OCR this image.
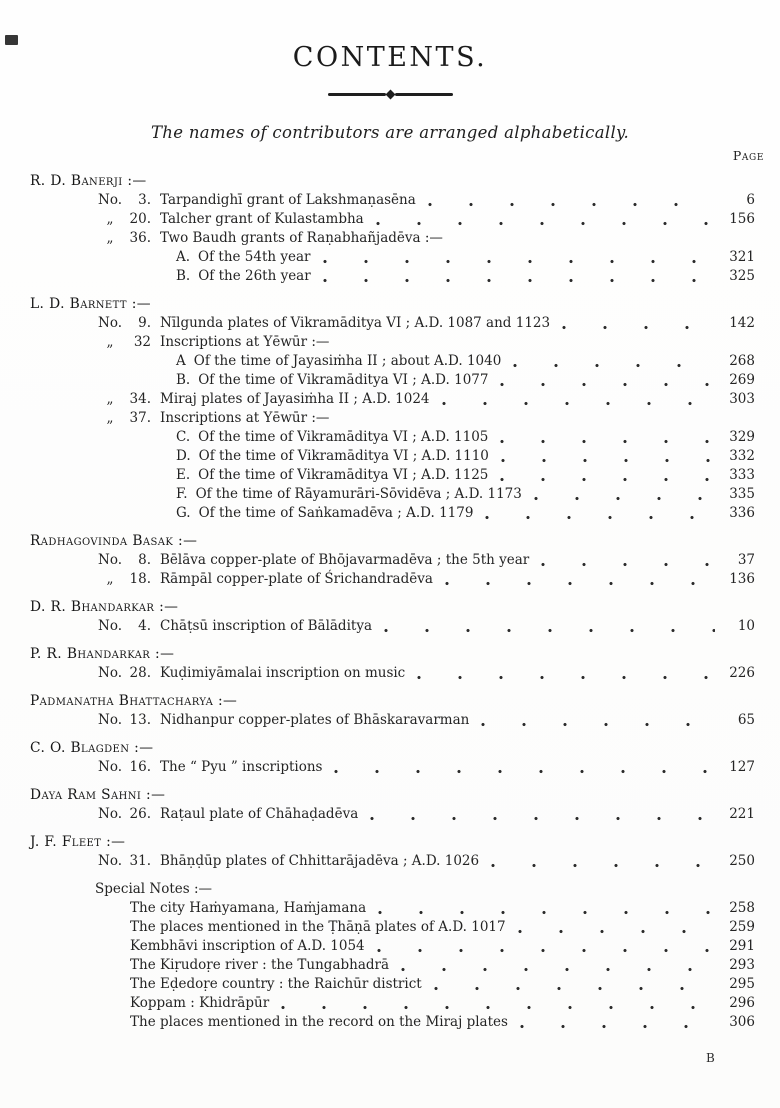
CONTENTS.
The names of contributors are arranged alphabetically.
Page
R. D. Banerji :—
No.	3. Tarpandighī grant of Lakshmaṇasēna	6
„	20. Talcher grant of Kulastambha	156
„	36. Two Baudh grants of Raṇabhañjadēva :—
A. Of the 54th year	321
B. Of the 26th year	325
L. D. Barnett :—
No.	9. Nīlgunda plates of Vikramāditya VI ; A.D. 1087 and 1123	142
„	32 Inscriptions at Yēwūr :—
A Of the time of Jayasiṁha II ; about A.D. 1040	268
B. Of the time of Vikramāditya VI ; A.D. 1077	269
„	34. Miraj plates of Jayasiṁha II ; A.D. 1024	303
„	37. Inscriptions at Yēwūr :—
C. Of the time of Vikramāditya VI ; A.D. 1105	329
D. Of the time of Vikramāditya VI ; A.D. 1110	332
E. Of the time of Vikramāditya VI ; A.D. 1125	333
F. Of the time of Rāyamurāri-Sōvidēva ; A.D. 1173	335
G. Of the time of Saṅkamadēva ; A.D. 1179	336
Radhagovinda Basak :—
No.	8. Bēlāva copper-plate of Bhōjavarmadēva ; the 5th year	37
„	18. Rāmpāl copper-plate of Śrichandradēva	136
D. R. Bhandarkar :—
No.	4. Chāṭsū inscription of Bālāditya	10
P. R. Bhandarkar :—
No. 28. Kuḍimiyāmalai inscription on music	226
Padmanatha Bhattacharya :—
No. 13. Nidhanpur copper-plates of Bhāskaravarman	65
C. O. Blagden :—
No. 16. The “ Pyu ” inscriptions	127
Daya Ram Sahni :—
No. 26. Raṭaul plate of Chāhaḍadēva	221
J. F. Fleet :—
No. 31. Bhāṇḍūp plates of Chhittarājadēva ; A.D. 1026	250
Special Notes :—
The city Haṁyamana, Haṁjamana	258
The places mentioned in the Ṭhāṇā plates of A.D. 1017	259
Kembhāvi inscription of A.D. 1054	291
The Kiṛudoṛe river : the Tungabhadrā	293
The Eḍedoṛe country : the Raichūr district	295
Koppam : Khidrāpūr	296
The places mentioned in the record on the Miraj plates	306
B
